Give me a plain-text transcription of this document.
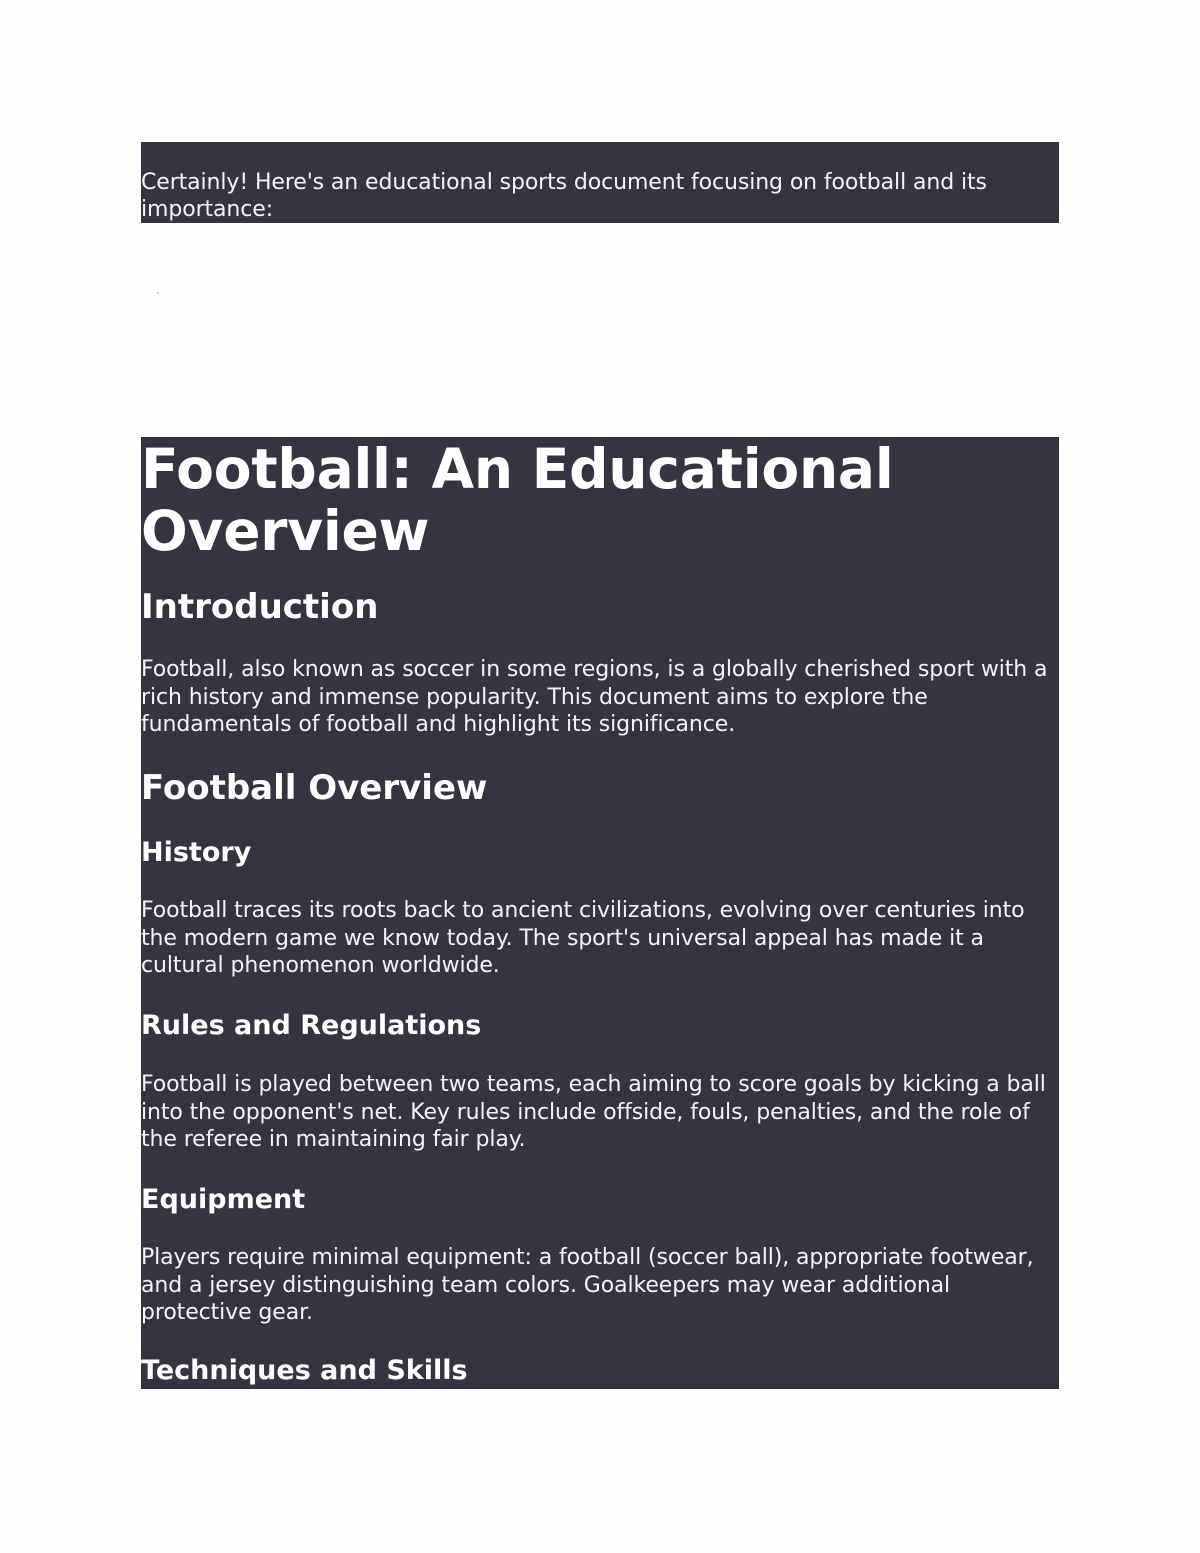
Certainly! Here's an educational sports document focusing on football and its importance:

Football: An Educational Overview
Introduction

Football, also known as soccer in some regions, is a globally cherished sport with a rich history and immense popularity. This document aims to explore the fundamentals of football and highlight its significance.

Football Overview
History

Football traces its roots back to ancient civilizations, evolving over centuries into the modern game we know today. The sport's universal appeal has made it a cultural phenomenon worldwide.

Rules and Regulations

Football is played between two teams, each aiming to score goals by kicking a ball into the opponent's net. Key rules include offside, fouls, penalties, and the role of the referee in maintaining fair play.

Equipment

Players require minimal equipment: a football (soccer ball), appropriate footwear, and a jersey distinguishing team colors. Goalkeepers may wear additional protective gear.

Techniques and Skills
